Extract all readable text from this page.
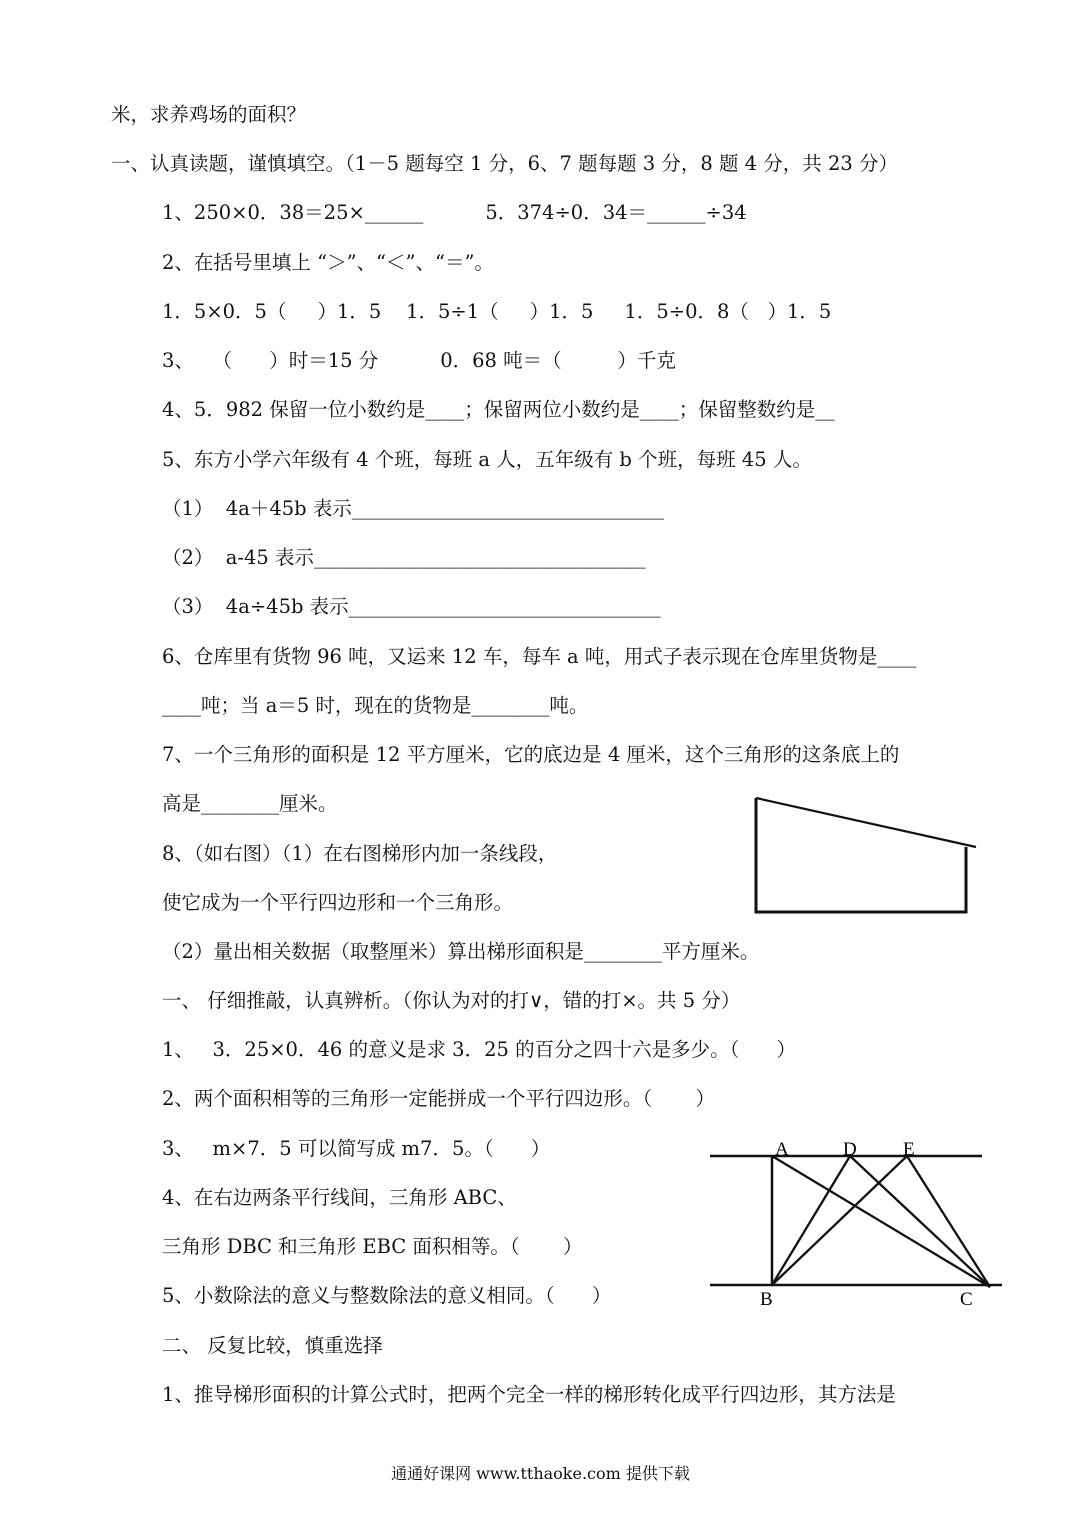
米，求养鸡场的面积？
一、认真读题，谨慎填空。（1－5 题每空 1 分，6、7 题每题 3 分，8 题 4 分，共 23 分）
1、250×0．38＝25×______          5．374÷0．34＝______÷34
2、在括号里填上 “＞”、“＜”、“＝”。
1．5×0．5（     ）1．5    1．5÷1（     ）1．5     1．5÷0．8（   ）1．5
3、   （      ）时＝15 分          0．68 吨＝（         ）千克
4、5．982 保留一位小数约是____；保留两位小数约是____；保留整数约是__
5、东方小学六年级有 4 个班，每班 a 人，五年级有 b 个班，每班 45 人。
（1）  4a＋45b 表示________________________________
（2）  a-45 表示__________________________________
（3）  4a÷45b 表示________________________________
6、仓库里有货物 96 吨，又运来 12 车，每车 a 吨，用式子表示现在仓库里货物是____
____吨；当 a＝5 时，现在的货物是________吨。
7、一个三角形的面积是 12 平方厘米，它的底边是 4 厘米，这个三角形的这条底上的
高是________厘米。
8、（如右图）（1）在右图梯形内加一条线段，
使它成为一个平行四边形和一个三角形。
（2）量出相关数据（取整厘米）算出梯形面积是________平方厘米。
一、 仔细推敲，认真辨析。（你认为对的打∨，错的打×。共 5 分）
1、   3．25×0．46 的意义是求 3．25 的百分之四十六是多少。（      ）
2、两个面积相等的三角形一定能拼成一个平行四边形。（       ）
3、   m×7．5 可以简写成 m7．5。（      ）
4、在右边两条平行线间，三角形 ABC、
三角形 DBC 和三角形 EBC 面积相等。（       ）
5、小数除法的意义与整数除法的意义相同。（      ）
二、 反复比较，慎重选择
1、推导梯形面积的计算公式时，把两个完全一样的梯形转化成平行四边形，其方法是
A	D E
B	C
通通好课网 www.tthaoke.com 提供下载
